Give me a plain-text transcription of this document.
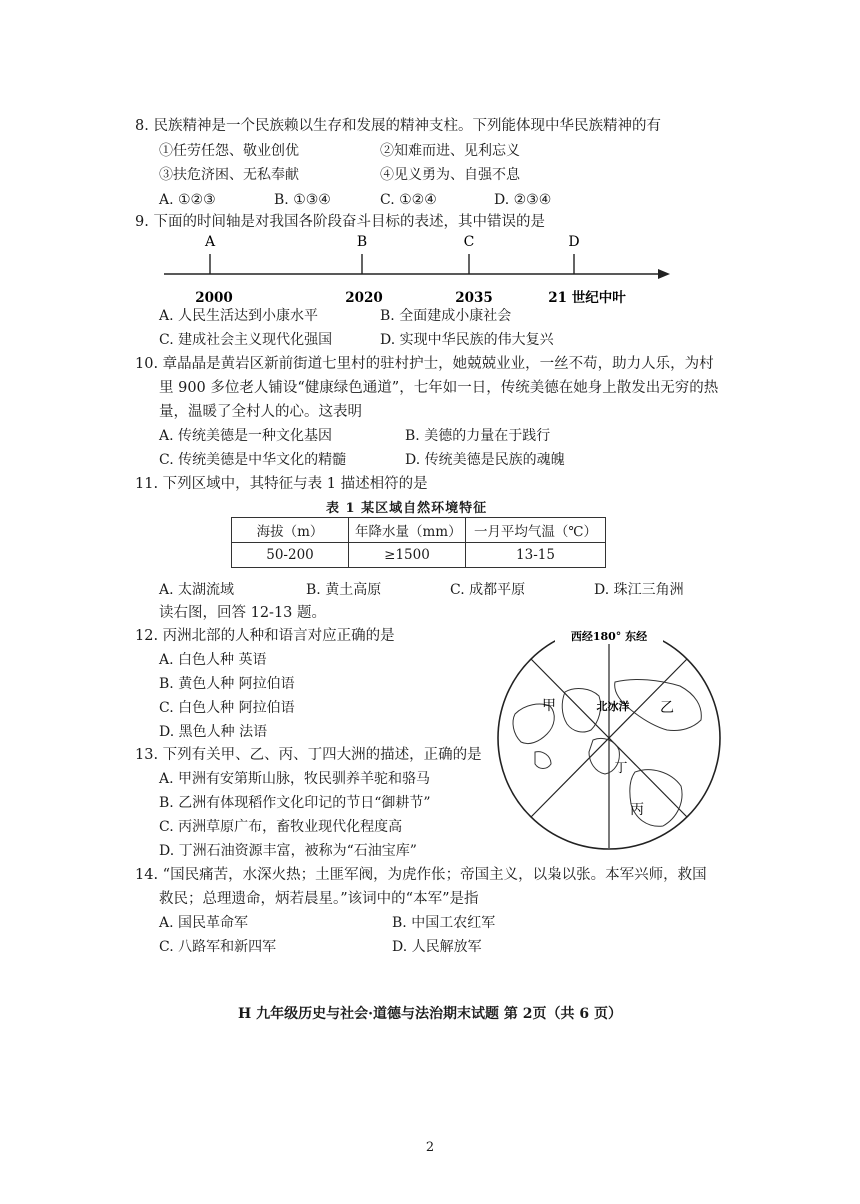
8. 民族精神是一个民族赖以生存和发展的精神支柱。下列能体现中华民族精神的有
①任劳任怨、敬业创优	②知难而进、见利忘义
③扶危济困、无私奉献	④见义勇为、自强不息
A. ①②③	B. ①③④	C. ①②④	D. ②③④
9. 下面的时间轴是对我国各阶段奋斗目标的表述，其中错误的是
A	B	C	D
2000	2020	2035	21 世纪中叶
A. 人民生活达到小康水平	B. 全面建成小康社会
C. 建成社会主义现代化强国	D. 实现中华民族的伟大复兴
10. 章晶晶是黄岩区新前街道七里村的驻村护士，她兢兢业业，一丝不苟，助力人乐，为村
里 900 多位老人铺设“健康绿色通道”，七年如一日，传统美德在她身上散发出无穷的热
量，温暖了全村人的心。这表明
A. 传统美德是一种文化基因	B. 美德的力量在于践行
C. 传统美德是中华文化的精髓	D. 传统美德是民族的魂魄
11. 下列区域中，其特征与表 1 描述相符的是
表 1 某区域自然环境特征
海拔（m）	年降水量（mm）	一月平均气温（℃）
50-200	≥1500	13-15
A. 太湖流域	B. 黄土高原	C. 成都平原	D. 珠江三角洲
读右图，回答 12-13 题。
西经180° 东经
甲	乙
丙
丁
北冰洋
12. 丙洲北部的人种和语言对应正确的是
A. 白色人种 英语
B. 黄色人种 阿拉伯语
C. 白色人种 阿拉伯语
D. 黑色人种 法语
13. 下列有关甲、乙、丙、丁四大洲的描述，正确的是
A. 甲洲有安第斯山脉，牧民驯养羊驼和骆马
B. 乙洲有体现稻作文化印记的节日“御耕节”
C. 丙洲草原广布，畜牧业现代化程度高
D. 丁洲石油资源丰富，被称为“石油宝库”
14. “国民痛苦，水深火热；土匪军阀，为虎作伥；帝国主义，以枭以张。本军兴师，救国
救民；总理遗命，炳若晨星。”该词中的“本军”是指
A. 国民革命军	B. 中国工农红军
C. 八路军和新四军	D. 人民解放军
H 九年级历史与社会·道德与法治期末试题 第 2页（共 6 页）
2
